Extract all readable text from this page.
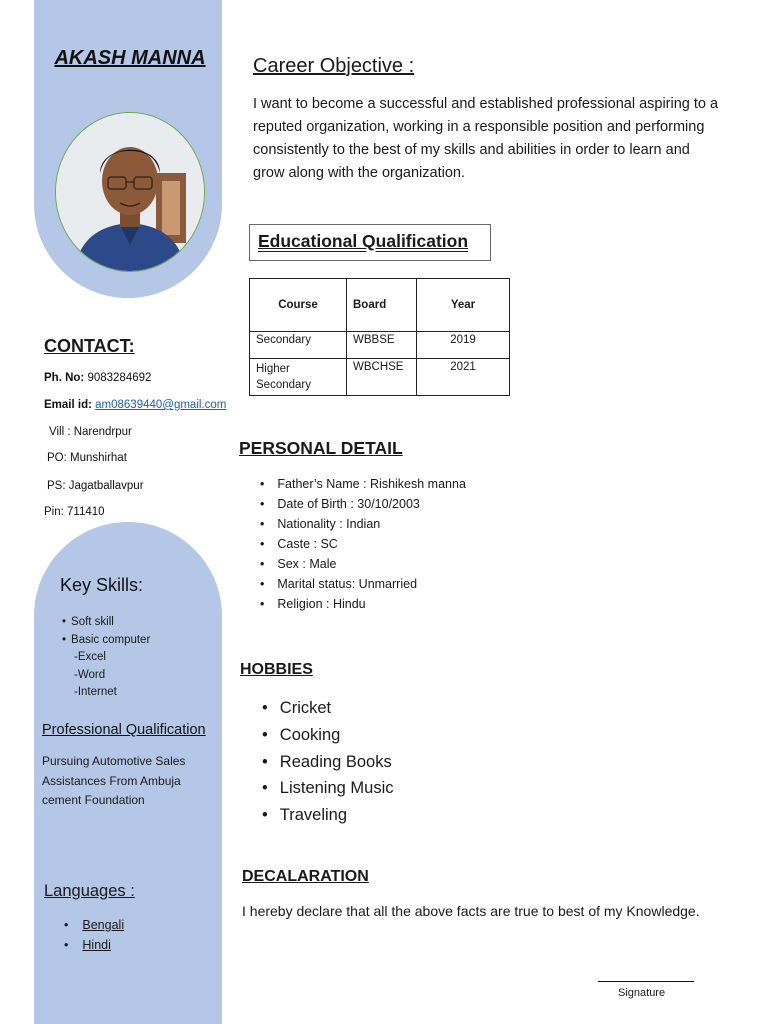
AKASH MANNA
CONTACT:
Ph. No: 9083284692
Email id: am08639440@gmail.com
Vill : Narendrpur
PO: Munshirhat
PS: Jagatballavpur
Pin: 711410
Key Skills:
• Soft skill
• Basic computer
-Excel
-Word
-Internet
Professional Qualification
Pursuing Automotive Sales Assistances From Ambuja cement Foundation
Languages :
• Bengali
• Hindi
Career Objective :
I want to become a successful and established professional aspiring to a reputed organization, working in a responsible position and performing consistently to the best of my skills and abilities in order to learn and grow along with the organization.
Educational Qualification
Course	Board	Year
Secondary	WBBSE	2019
Higher Secondary	WBCHSE	2021
PERSONAL DETAIL
• Father’s Name : Rishikesh manna
• Date of Birth : 30/10/2003
• Nationality : Indian
• Caste : SC
• Sex : Male
• Marital status: Unmarried
• Religion : Hindu
HOBBIES
• Cricket
• Cooking
• Reading Books
• Listening Music
• Traveling
DECALARATION
I hereby declare that all the above facts are true to best of my Knowledge.
Signature
